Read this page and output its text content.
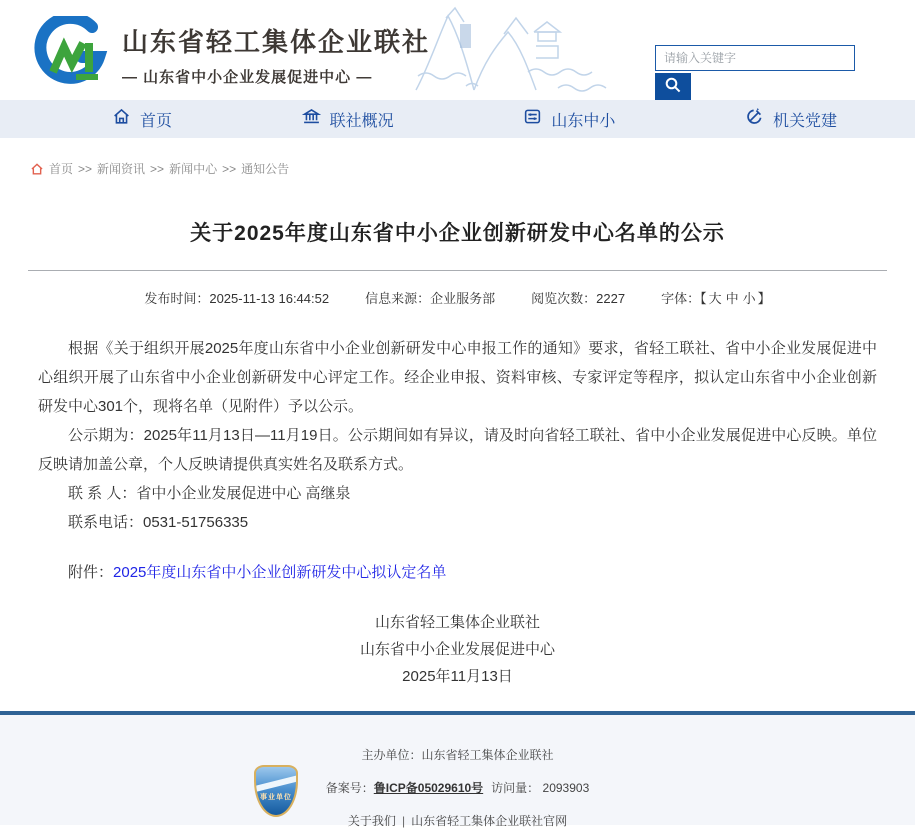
山东省轻工集体企业联社
— 山东省中小企业发展促进中心 —
请输入关键字
首页	联社概况	山东中小	机关党建
首页 >> 新闻资讯 >> 新闻中心 >> 通知公告
关于2025年度山东省中小企业创新研发中心名单的公示
发布时间：2025-11-13 16:44:52	信息来源：企业服务部	阅览次数：2227	字体：【 大 中 小 】

根据《关于组织开展2025年度山东省中小企业创新研发中心申报工作的通知》要求，省轻工联社、省中小企业发展促进中心组织开展了山东省中小企业创新研发中心评定工作。经企业申报、资料审核、专家评定等程序，拟认定山东省中小企业创新研发中心301个，现将名单（见附件）予以公示。

公示期为：2025年11月13日—11月19日。公示期间如有异议，请及时向省轻工联社、省中小企业发展促进中心反映。单位反映请加盖公章，个人反映请提供真实姓名及联系方式。

联 系 人：省中小企业发展促进中心 高继泉

联系电话：0531-51756335

附件：2025年度山东省中小企业创新研发中心拟认定名单
山东省轻工集体企业联社
山东省中小企业发展促进中心
2025年11月13日
事业单位
主办单位：山东省轻工集体企业联社
备案号：鲁ICP备05029610号 访问量： 2093903
关于我们 | 山东省轻工集体企业联社官网
